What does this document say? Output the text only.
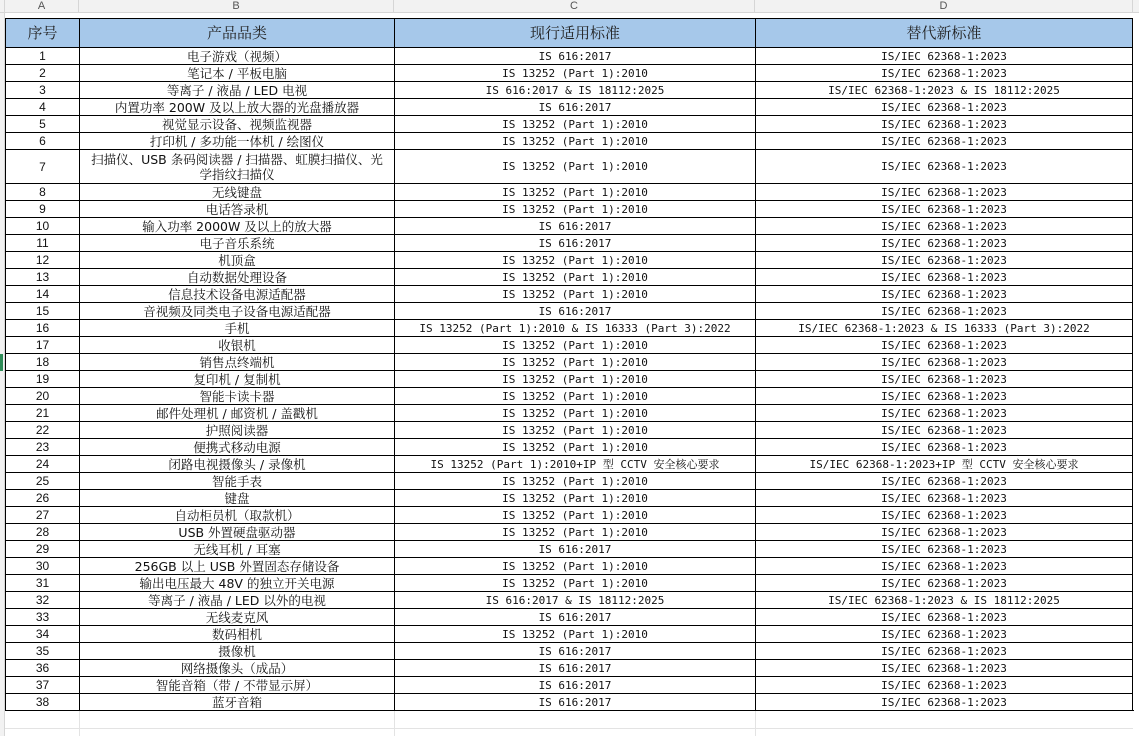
A	B	C	D
序号	产品品类	现行适用标准	替代新标准
1	电子游戏（视频）	IS 616:2017	IS/IEC 62368-1:2023
2	笔记本 / 平板电脑	IS 13252 (Part 1):2010	IS/IEC 62368-1:2023
3	等离子 / 液晶 / LED 电视	IS 616:2017 & IS 18112:2025	IS/IEC 62368-1:2023 & IS 18112:2025
4	内置功率 200W 及以上放大器的光盘播放器	IS 616:2017	IS/IEC 62368-1:2023
5	视觉显示设备、视频监视器	IS 13252 (Part 1):2010	IS/IEC 62368-1:2023
6	打印机 / 多功能一体机 / 绘图仪	IS 13252 (Part 1):2010	IS/IEC 62368-1:2023
7	扫描仪、USB 条码阅读器 / 扫描器、虹膜扫描仪、光学指纹扫描仪	IS 13252 (Part 1):2010	IS/IEC 62368-1:2023
8	无线键盘	IS 13252 (Part 1):2010	IS/IEC 62368-1:2023
9	电话答录机	IS 13252 (Part 1):2010	IS/IEC 62368-1:2023
10	输入功率 2000W 及以上的放大器	IS 616:2017	IS/IEC 62368-1:2023
11	电子音乐系统	IS 616:2017	IS/IEC 62368-1:2023
12	机顶盒	IS 13252 (Part 1):2010	IS/IEC 62368-1:2023
13	自动数据处理设备	IS 13252 (Part 1):2010	IS/IEC 62368-1:2023
14	信息技术设备电源适配器	IS 13252 (Part 1):2010	IS/IEC 62368-1:2023
15	音视频及同类电子设备电源适配器	IS 616:2017	IS/IEC 62368-1:2023
16	手机	IS 13252 (Part 1):2010 & IS 16333 (Part 3):2022	IS/IEC 62368-1:2023 & IS 16333 (Part 3):2022
17	收银机	IS 13252 (Part 1):2010	IS/IEC 62368-1:2023
18	销售点终端机	IS 13252 (Part 1):2010	IS/IEC 62368-1:2023
19	复印机 / 复制机	IS 13252 (Part 1):2010	IS/IEC 62368-1:2023
20	智能卡读卡器	IS 13252 (Part 1):2010	IS/IEC 62368-1:2023
21	邮件处理机 / 邮资机 / 盖戳机	IS 13252 (Part 1):2010	IS/IEC 62368-1:2023
22	护照阅读器	IS 13252 (Part 1):2010	IS/IEC 62368-1:2023
23	便携式移动电源	IS 13252 (Part 1):2010	IS/IEC 62368-1:2023
24	闭路电视摄像头 / 录像机	IS 13252 (Part 1):2010+IP 型 CCTV 安全核心要求	IS/IEC 62368-1:2023+IP 型 CCTV 安全核心要求
25	智能手表	IS 13252 (Part 1):2010	IS/IEC 62368-1:2023
26	键盘	IS 13252 (Part 1):2010	IS/IEC 62368-1:2023
27	自动柜员机（取款机）	IS 13252 (Part 1):2010	IS/IEC 62368-1:2023
28	USB 外置硬盘驱动器	IS 13252 (Part 1):2010	IS/IEC 62368-1:2023
29	无线耳机 / 耳塞	IS 616:2017	IS/IEC 62368-1:2023
30	256GB 以上 USB 外置固态存储设备	IS 13252 (Part 1):2010	IS/IEC 62368-1:2023
31	输出电压最大 48V 的独立开关电源	IS 13252 (Part 1):2010	IS/IEC 62368-1:2023
32	等离子 / 液晶 / LED 以外的电视	IS 616:2017 & IS 18112:2025	IS/IEC 62368-1:2023 & IS 18112:2025
33	无线麦克风	IS 616:2017	IS/IEC 62368-1:2023
34	数码相机	IS 13252 (Part 1):2010	IS/IEC 62368-1:2023
35	摄像机	IS 616:2017	IS/IEC 62368-1:2023
36	网络摄像头（成品）	IS 616:2017	IS/IEC 62368-1:2023
37	智能音箱（带 / 不带显示屏）	IS 616:2017	IS/IEC 62368-1:2023
38	蓝牙音箱	IS 616:2017	IS/IEC 62368-1:2023
